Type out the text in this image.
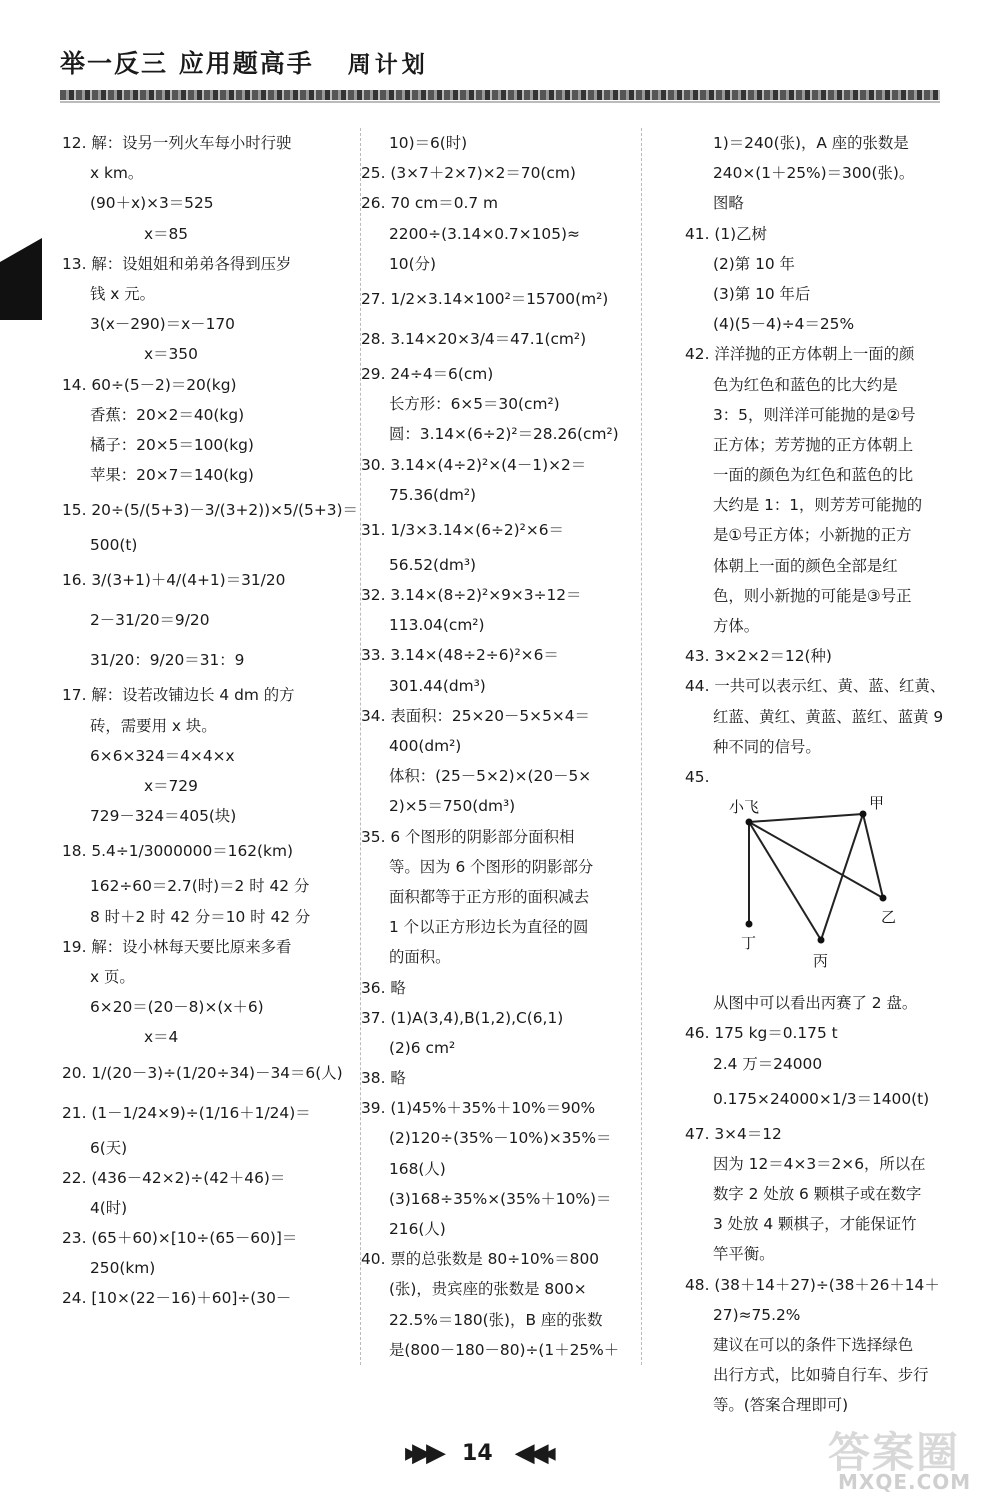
举一反三 应用题高手 周计划
12. 解：设另一列火车每小时行驶
x km。
(90＋x)×3＝525
x＝85
13. 解：设姐姐和弟弟各得到压岁
钱 x 元。
3(x－290)＝x－170
x＝350
14. 60÷(5－2)＝20(kg)
香蕉：20×2＝40(kg)
橘子：20×5＝100(kg)
苹果：20×7＝140(kg)
15. 20÷(5/(5+3)－3/(3+2))×5/(5+3)＝
500(t)
16. 3/(3+1)＋4/(4+1)＝31/20
2－31/20＝9/20
31/20：9/20＝31：9
17. 解：设若改铺边长 4 dm 的方
砖，需要用 x 块。
6×6×324＝4×4×x
x＝729
729－324＝405(块)
18. 5.4÷1/3000000＝162(km)
162÷60＝2.7(时)＝2 时 42 分
8 时＋2 时 42 分＝10 时 42 分
19. 解：设小林每天要比原来多看
x 页。
6×20＝(20－8)×(x＋6)
x＝4
20. 1/(20－3)÷(1/20÷34)－34＝6(人)
21. (1－1/24×9)÷(1/16＋1/24)＝
6(天)
22. (436－42×2)÷(42＋46)＝
4(时)
23. (65＋60)×[10÷(65－60)]＝
250(km)
24. [10×(22－16)＋60]÷(30－
10)＝6(时)
25. (3×7＋2×7)×2＝70(cm)
26. 70 cm＝0.7 m
2200÷(3.14×0.7×105)≈
10(分)
27. 1/2×3.14×100²＝15700(m²)
28. 3.14×20×3/4＝47.1(cm²)
29. 24÷4＝6(cm)
长方形：6×5＝30(cm²)
圆：3.14×(6÷2)²＝28.26(cm²)
30. 3.14×(4÷2)²×(4－1)×2＝
75.36(dm²)
31. 1/3×3.14×(6÷2)²×6＝
56.52(dm³)
32. 3.14×(8÷2)²×9×3÷12＝
113.04(cm²)
33. 3.14×(48÷2÷6)²×6＝
301.44(dm³)
34. 表面积：25×20－5×5×4＝
400(dm²)
体积：(25－5×2)×(20－5×
2)×5＝750(dm³)
35. 6 个图形的阴影部分面积相
等。因为 6 个图形的阴影部分
面积都等于正方形的面积减去
1 个以正方形边长为直径的圆
的面积。
36. 略
37. (1)A(3,4),B(1,2),C(6,1)
(2)6 cm²
38. 略
39. (1)45%＋35%＋10%＝90%
(2)120÷(35%－10%)×35%＝
168(人)
(3)168÷35%×(35%＋10%)＝
216(人)
40. 票的总张数是 80÷10%＝800
(张)，贵宾座的张数是 800×
22.5%＝180(张)，B 座的张数
是(800－180－80)÷(1＋25%＋
1)＝240(张)，A 座的张数是
240×(1＋25%)＝300(张)。
图略
41. (1)乙树
(2)第 10 年
(3)第 10 年后
(4)(5－4)÷4＝25%
42. 洋洋抛的正方体朝上一面的颜
色为红色和蓝色的比大约是
3：5，则洋洋可能抛的是②号
正方体；芳芳抛的正方体朝上
一面的颜色为红色和蓝色的比
大约是 1：1，则芳芳可能抛的
是①号正方体；小新抛的正方
体朝上一面的颜色全部是红
色，则小新抛的可能是③号正
方体。
43. 3×2×2＝12(种)
44. 一共可以表示红、黄、蓝、红黄、
红蓝、黄红、黄蓝、蓝红、蓝黄 9
种不同的信号。
45.
小飞	甲
乙
丙
丁
从图中可以看出丙赛了 2 盘。
46. 175 kg＝0.175 t
2.4 万＝24000
0.175×24000×1/3＝1400(t)
47. 3×4＝12
因为 12＝4×3＝2×6，所以在
数字 2 处放 6 颗棋子或在数字
3 处放 4 颗棋子，才能保证竹
竿平衡。
48. (38＋14＋27)÷(38＋26＋14＋
27)≈75.2%
建议在可以的条件下选择绿色
出行方式，比如骑自行车、步行
等。(答案合理即可)
▸▶▶ 14 ◀◀◂	答案圈
MXQE.COM
